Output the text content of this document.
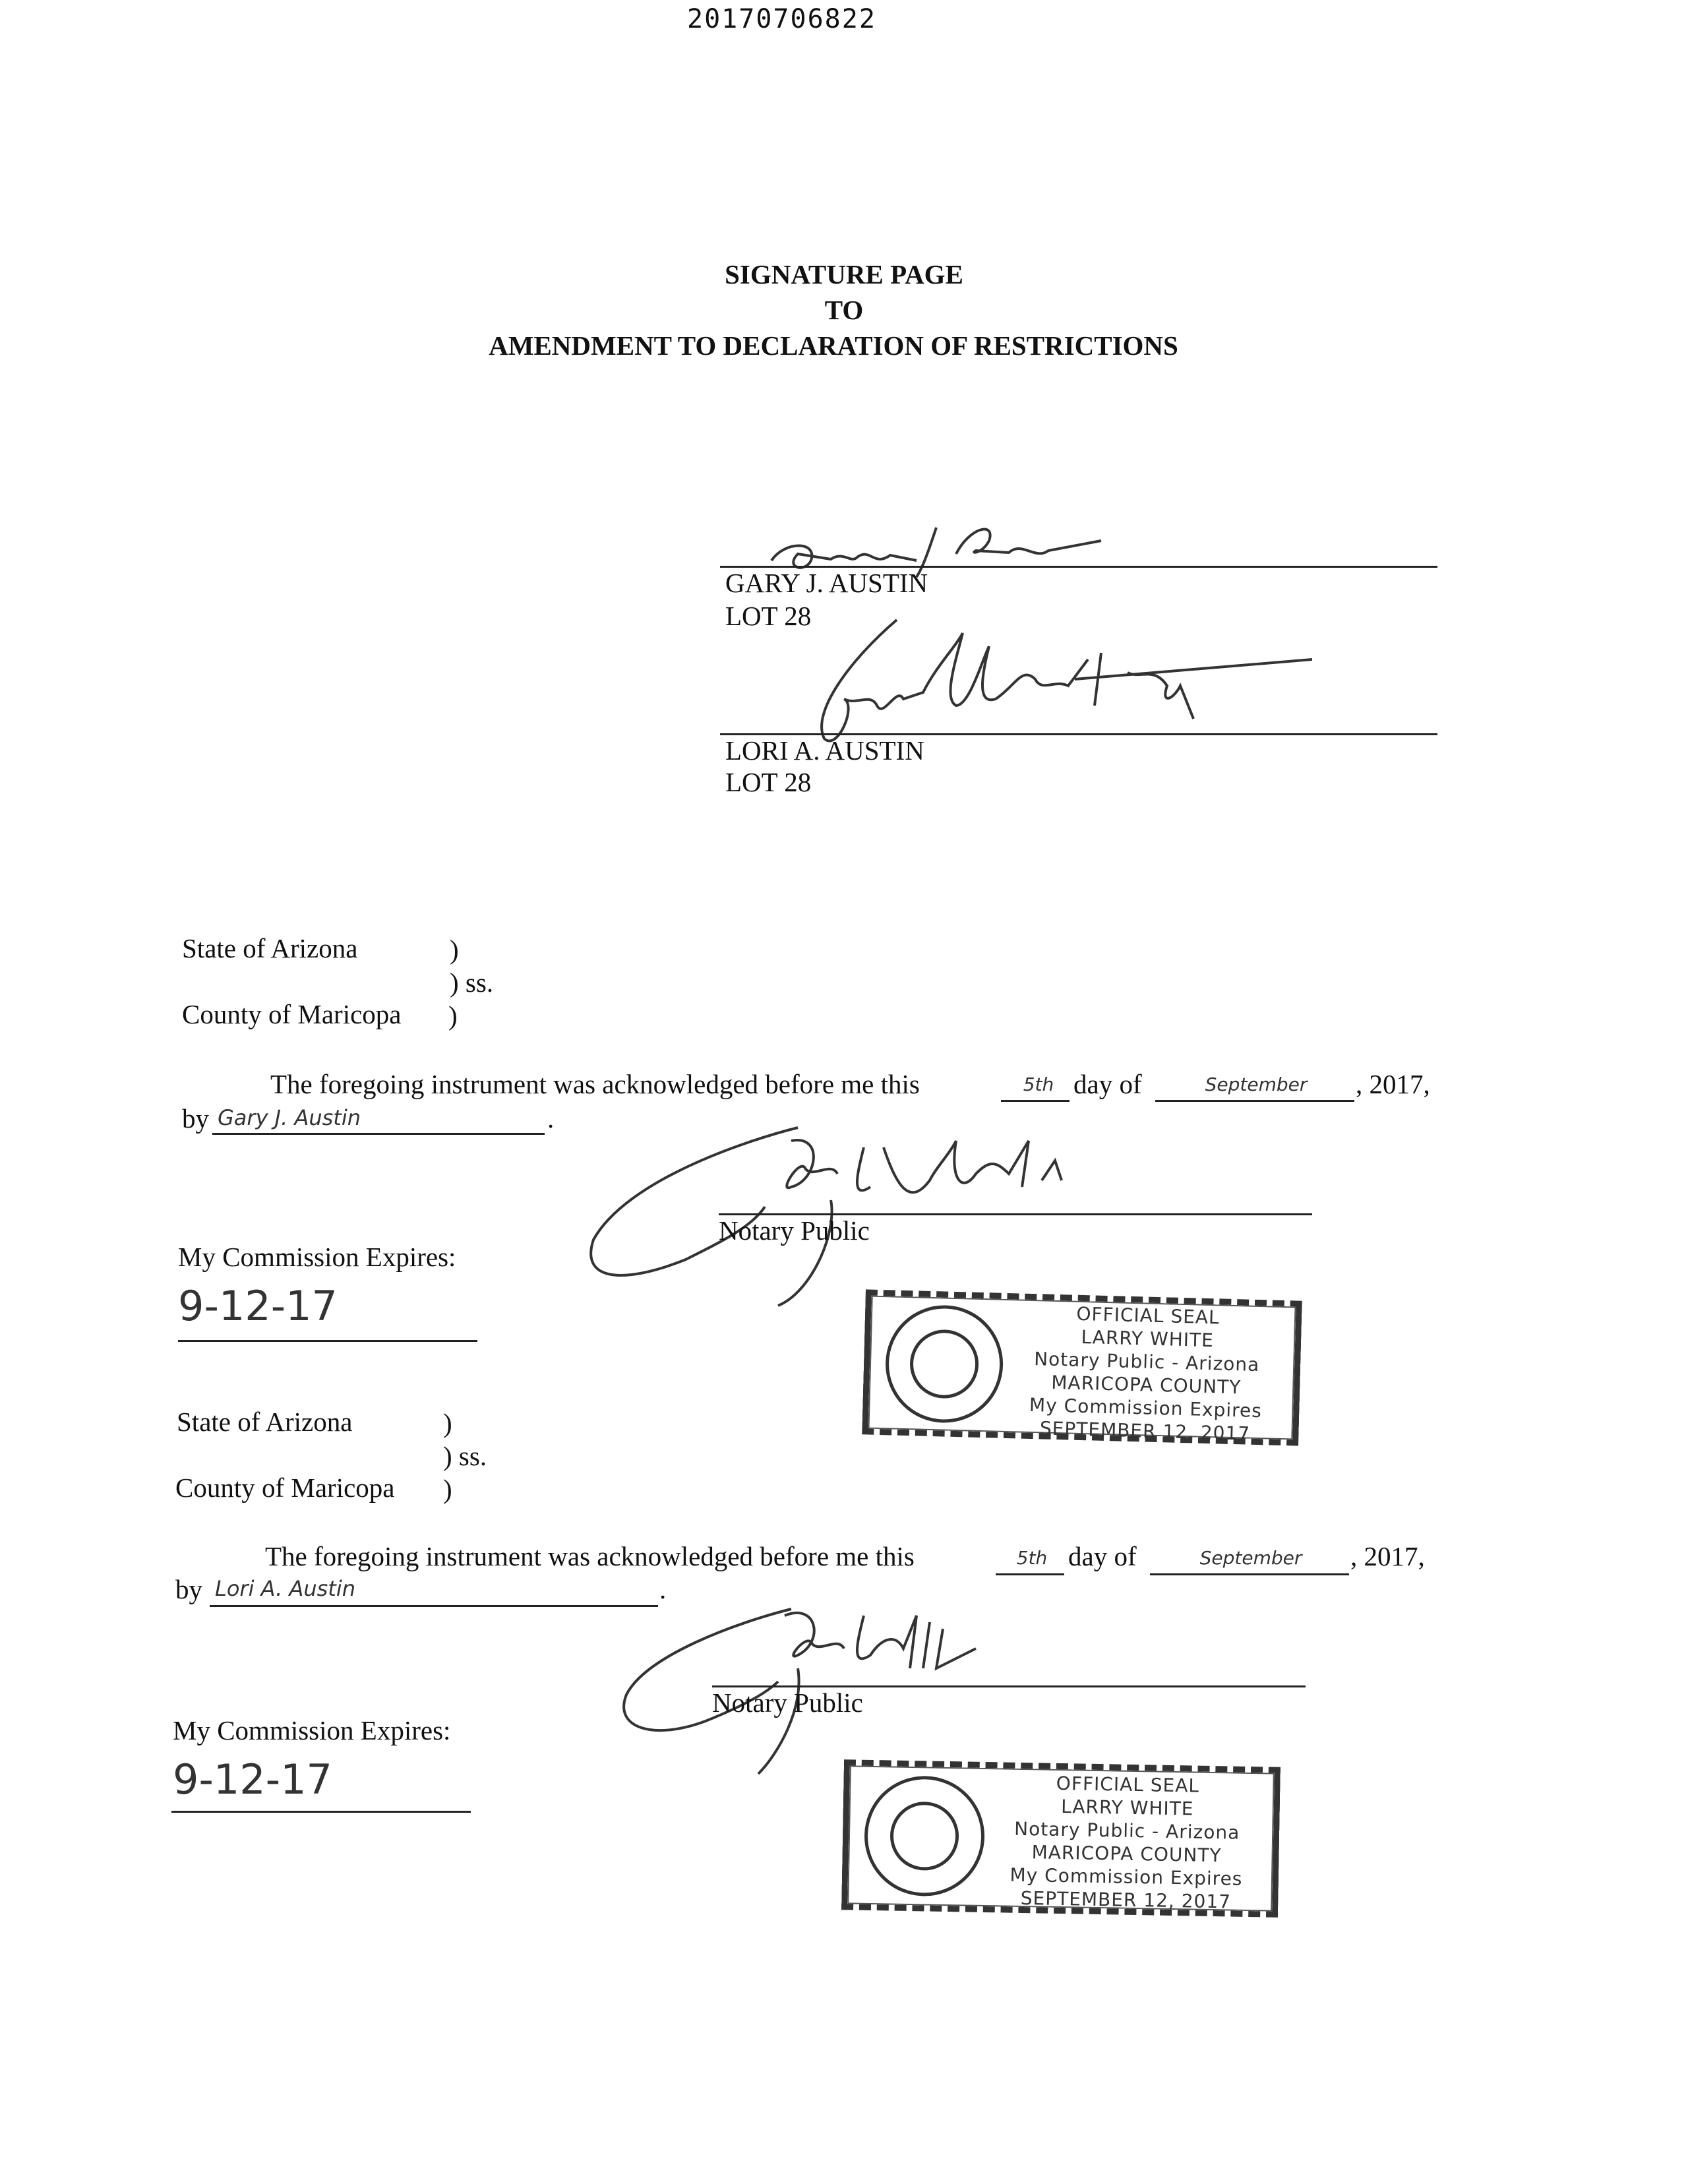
20170706822
SIGNATURE PAGE
TO
AMENDMENT TO DECLARATION OF RESTRICTIONS
GARY J. AUSTIN
LOT 28
LORI A. AUSTIN
LOT 28
State of Arizona	)
) ss.
County of Maricopa )
The foregoing instrument was acknowledged before me this	5th day of	September	, 2017,
by Gary J. Austin	.
Notary Public
My Commission Expires:
9-12-17	OFFICIAL SEAL
LARRY WHITE
Notary Public - Arizona
MARICOPA COUNTY
My Commission Expires
SEPTEMBER 12, 2017
State of Arizona	)
) ss.
County of Maricopa )
The foregoing instrument was acknowledged before me this	5th day of	September	, 2017,
by Lori A. Austin	.
Notary Public
My Commission Expires:
9-12-17	OFFICIAL SEAL
LARRY WHITE
Notary Public - Arizona
MARICOPA COUNTY
My Commission Expires
SEPTEMBER 12, 2017
